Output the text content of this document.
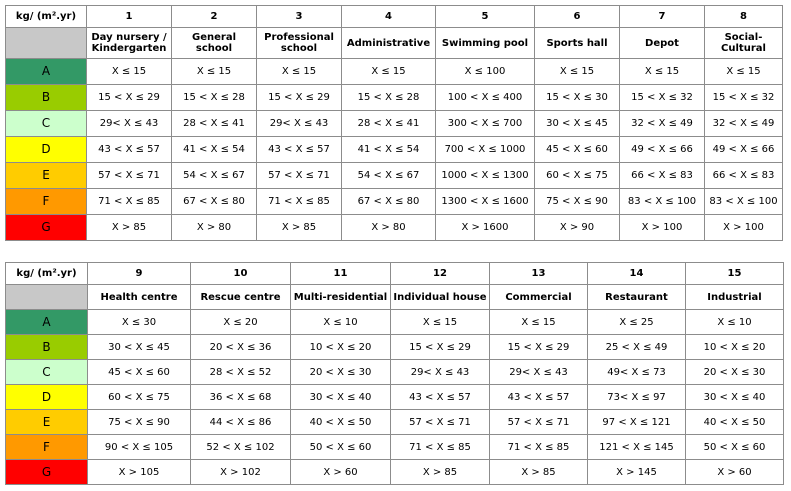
kg/ (m².yr)	1	2	3	4	5	6	7	8
	Day nursery / Kindergarten	General school	Professional school	Administrative	Swimming pool	Sports hall	Depot	Social-Cultural
A	X ≤ 15	X ≤ 15	X ≤ 15	X ≤ 15	X ≤ 100	X ≤ 15	X ≤ 15	X ≤ 15
B	15 < X ≤ 29	15 < X ≤ 28	15 < X ≤ 29	15 < X ≤ 28	100 < X ≤ 400	15 < X ≤ 30	15 < X ≤ 32	15 < X ≤ 32
C	29< X ≤ 43	28 < X ≤ 41	29< X ≤ 43	28 < X ≤ 41	300 < X ≤ 700	30 < X ≤ 45	32 < X ≤ 49	32 < X ≤ 49
D	43 < X ≤ 57	41 < X ≤ 54	43 < X ≤ 57	41 < X ≤ 54	700 < X ≤ 1000	45 < X ≤ 60	49 < X ≤ 66	49 < X ≤ 66
E	57 < X ≤ 71	54 < X ≤ 67	57 < X ≤ 71	54 < X ≤ 67	1000 < X ≤ 1300	60 < X ≤ 75	66 < X ≤ 83	66 < X ≤ 83
F	71 < X ≤ 85	67 < X ≤ 80	71 < X ≤ 85	67 < X ≤ 80	1300 < X ≤ 1600	75 < X ≤ 90	83 < X ≤ 100	83 < X ≤ 100
G	X > 85	X > 80	X > 85	X > 80	X > 1600	X > 90	X > 100	X > 100
kg/ (m².yr)	9	10	11	12	13	14	15
	Health centre	Rescue centre	Multi-residential	Individual house	Commercial	Restaurant	Industrial
A	X ≤ 30	X ≤ 20	X ≤ 10	X ≤ 15	X ≤ 15	X ≤ 25	X ≤ 10
B	30 < X ≤ 45	20 < X ≤ 36	10 < X ≤ 20	15 < X ≤ 29	15 < X ≤ 29	25 < X ≤ 49	10 < X ≤ 20
C	45 < X ≤ 60	28 < X ≤ 52	20 < X ≤ 30	29< X ≤ 43	29< X ≤ 43	49< X ≤ 73	20 < X ≤ 30
D	60 < X ≤ 75	36 < X ≤ 68	30 < X ≤ 40	43 < X ≤ 57	43 < X ≤ 57	73< X ≤ 97	30 < X ≤ 40
E	75 < X ≤ 90	44 < X ≤ 86	40 < X ≤ 50	57 < X ≤ 71	57 < X ≤ 71	97 < X ≤ 121	40 < X ≤ 50
F	90 < X ≤ 105	52 < X ≤ 102	50 < X ≤ 60	71 < X ≤ 85	71 < X ≤ 85	121 < X ≤ 145	50 < X ≤ 60
G	X > 105	X > 102	X > 60	X > 85	X > 85	X > 145	X > 60
